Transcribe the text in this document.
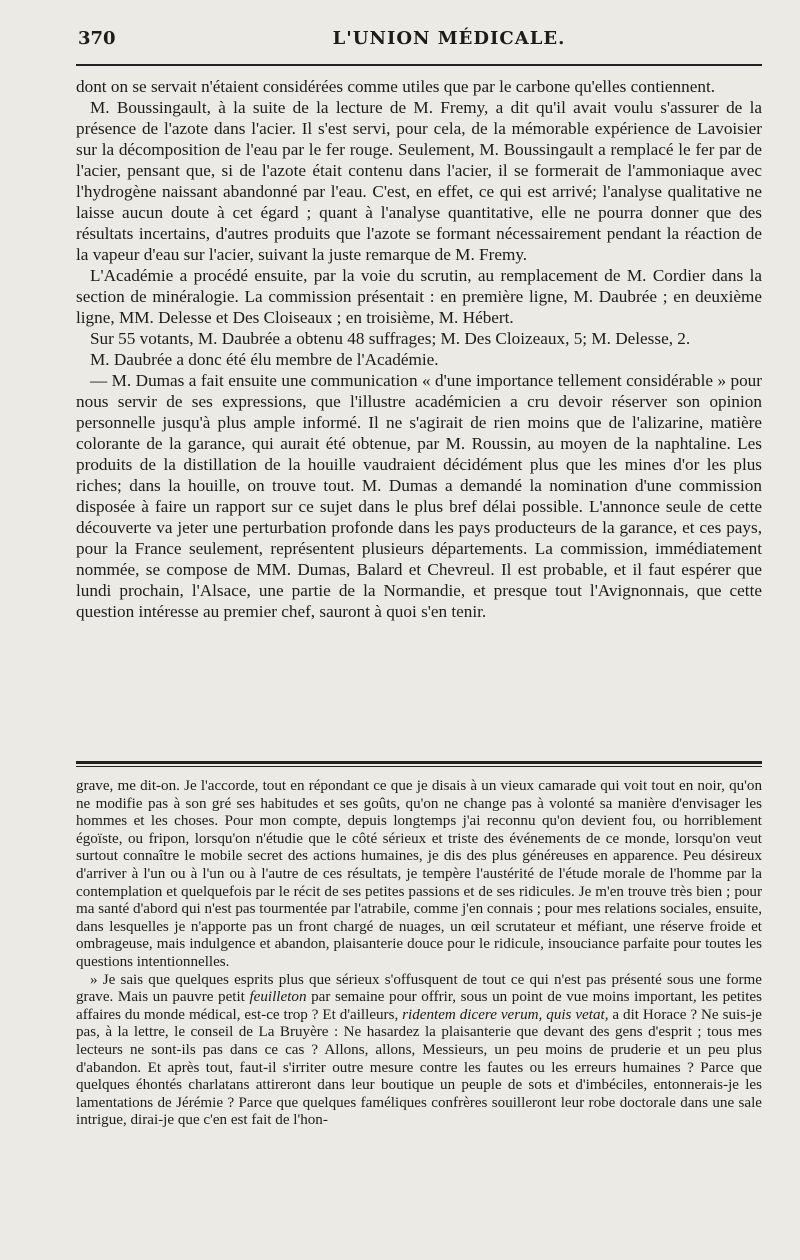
370	L'UNION MÉDICALE.

dont on se servait n'étaient considérées comme utiles que par le carbone qu'elles contiennent.

M. Boussingault, à la suite de la lecture de M. Fremy, a dit qu'il avait voulu s'assurer de la présence de l'azote dans l'acier. Il s'est servi, pour cela, de la mémorable expérience de Lavoisier sur la décomposition de l'eau par le fer rouge. Seulement, M. Boussingault a remplacé le fer par de l'acier, pensant que, si de l'azote était contenu dans l'acier, il se formerait de l'ammoniaque avec l'hydrogène naissant abandonné par l'eau. C'est, en effet, ce qui est arrivé; l'analyse qualitative ne laisse aucun doute à cet égard ; quant à l'analyse quantitative, elle ne pourra donner que des résultats incertains, d'autres produits que l'azote se formant nécessairement pendant la réaction de la vapeur d'eau sur l'acier, suivant la juste remarque de M. Fremy.

L'Académie a procédé ensuite, par la voie du scrutin, au remplacement de M. Cordier dans la section de minéralogie. La commission présentait : en première ligne, M. Daubrée ; en deuxième ligne, MM. Delesse et Des Cloiseaux ; en troisième, M. Hébert.

Sur 55 votants, M. Daubrée a obtenu 48 suffrages; M. Des Cloizeaux, 5; M. Delesse, 2.

M. Daubrée a donc été élu membre de l'Académie.

— M. Dumas a fait ensuite une communication « d'une importance tellement considérable » pour nous servir de ses expressions, que l'illustre académicien a cru devoir réserver son opinion personnelle jusqu'à plus ample informé. Il ne s'agirait de rien moins que de l'alizarine, matière colorante de la garance, qui aurait été obtenue, par M. Roussin, au moyen de la naphtaline. Les produits de la distillation de la houille vaudraient décidément plus que les mines d'or les plus riches; dans la houille, on trouve tout. M. Dumas a demandé la nomination d'une commission disposée à faire un rapport sur ce sujet dans le plus bref délai possible. L'annonce seule de cette découverte va jeter une perturbation profonde dans les pays producteurs de la garance, et ces pays, pour la France seulement, représentent plusieurs départements. La commission, immédiatement nommée, se compose de MM. Dumas, Balard et Chevreul. Il est probable, et il faut espérer que lundi prochain, l'Alsace, une partie de la Normandie, et presque tout l'Avignonnais, que cette question intéresse au premier chef, sauront à quoi s'en tenir.

grave, me dit-on. Je l'accorde, tout en répondant ce que je disais à un vieux camarade qui voit tout en noir, qu'on ne modifie pas à son gré ses habitudes et ses goûts, qu'on ne change pas à volonté sa manière d'envisager les hommes et les choses. Pour mon compte, depuis longtemps j'ai reconnu qu'on devient fou, ou horriblement égoïste, ou fripon, lorsqu'on n'étudie que le côté sérieux et triste des événements de ce monde, lorsqu'on veut surtout connaître le mobile secret des actions humaines, je dis des plus généreuses en apparence. Peu désireux d'arriver à l'un ou à l'un ou à l'autre de ces résultats, je tempère l'austérité de l'étude morale de l'homme par la contemplation et quelquefois par le récit de ses petites passions et de ses ridicules. Je m'en trouve très bien ; pour ma santé d'abord qui n'est pas tourmentée par l'atrabile, comme j'en connais ; pour mes relations sociales, ensuite, dans lesquelles je n'apporte pas un front chargé de nuages, un œil scrutateur et méfiant, une réserve froide et ombrageuse, mais indulgence et abandon, plaisanterie douce pour le ridicule, insouciance parfaite pour toutes les questions intentionnelles.

» Je sais que quelques esprits plus que sérieux s'offusquent de tout ce qui n'est pas présenté sous une forme grave. Mais un pauvre petit feuilleton par semaine pour offrir, sous un point de vue moins important, les petites affaires du monde médical, est-ce trop ? Et d'ailleurs, ridentem dicere verum, quis vetat, a dit Horace ? Ne suis-je pas, à la lettre, le conseil de La Bruyère : Ne hasardez la plaisanterie que devant des gens d'esprit ; tous mes lecteurs ne sont-ils pas dans ce cas ? Allons, allons, Messieurs, un peu moins de pruderie et un peu plus d'abandon. Et après tout, faut-il s'irriter outre mesure contre les fautes ou les erreurs humaines ? Parce que quelques éhontés charlatans attireront dans leur boutique un peuple de sots et d'imbéciles, entonnerais-je les lamentations de Jérémie ? Parce que quelques faméliques confrères souilleront leur robe doctorale dans une sale intrigue, dirai-je que c'en est fait de l'hon-
